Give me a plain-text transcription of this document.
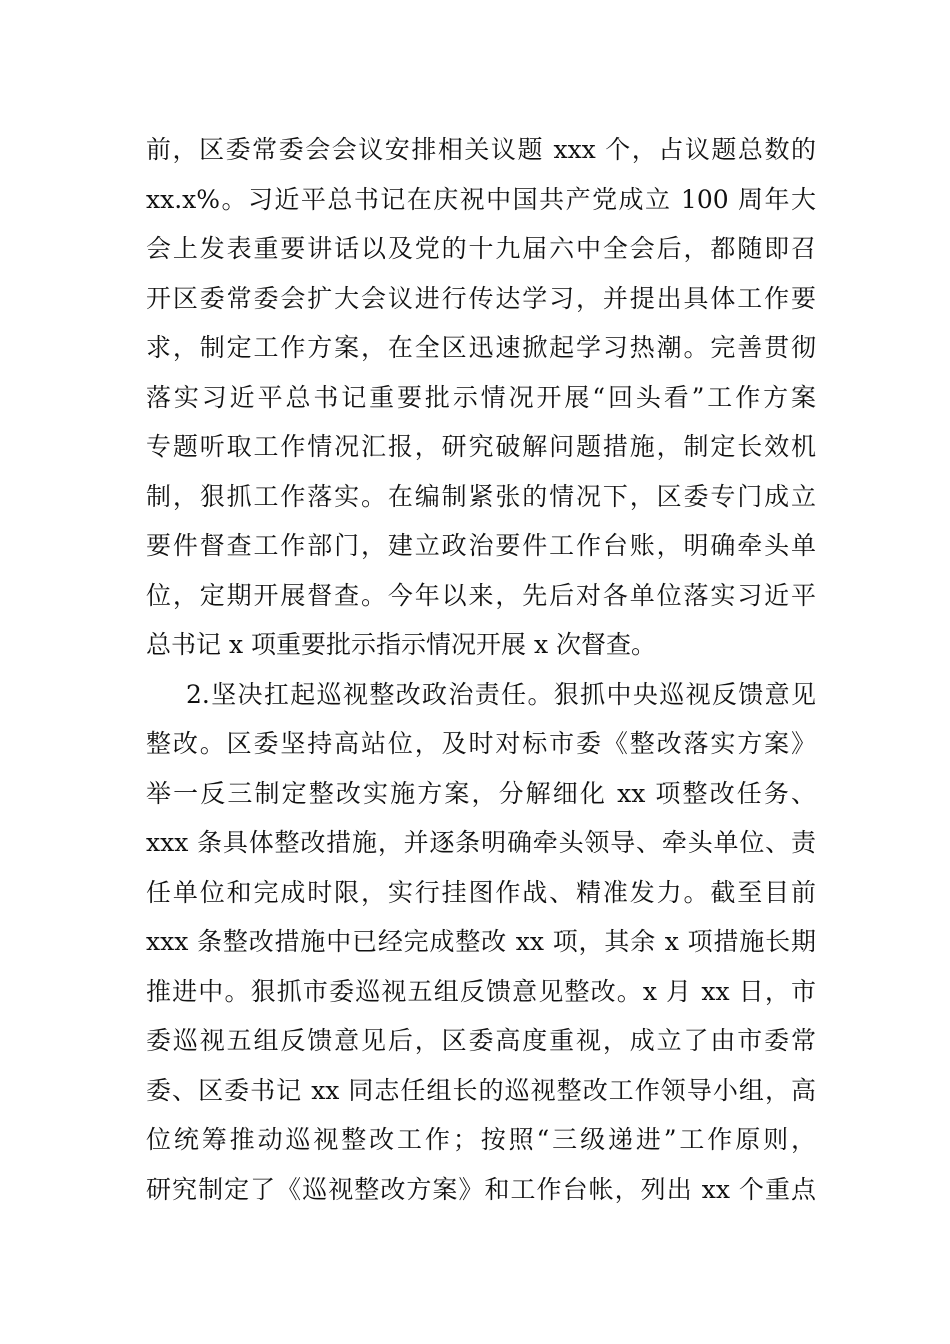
前，区委常委会会议安排相关议题 xxx 个，占议题总数的
xx.x%。习近平总书记在庆祝中国共产党成立 100 周年大
会上发表重要讲话以及党的十九届六中全会后，都随即召
开区委常委会扩大会议进行传达学习，并提出具体工作要
求，制定工作方案，在全区迅速掀起学习热潮。完善贯彻
落实习近平总书记重要批示情况开展“回头看”工作方案
专题听取工作情况汇报，研究破解问题措施，制定长效机
制，狠抓工作落实。在编制紧张的情况下，区委专门成立
要件督查工作部门，建立政治要件工作台账，明确牵头单
位，定期开展督查。今年以来，先后对各单位落实习近平
总书记 x 项重要批示指示情况开展 x 次督查。
2.坚决扛起巡视整改政治责任。狠抓中央巡视反馈意见
整改。区委坚持高站位，及时对标市委《整改落实方案》
举一反三制定整改实施方案，分解细化 xx 项整改任务、
xxx 条具体整改措施，并逐条明确牵头领导、牵头单位、责
任单位和完成时限，实行挂图作战、精准发力。截至目前
xxx 条整改措施中已经完成整改 xx 项，其余 x 项措施长期
推进中。狠抓市委巡视五组反馈意见整改。x 月 xx 日，市
委巡视五组反馈意见后，区委高度重视，成立了由市委常
委、区委书记 xx 同志任组长的巡视整改工作领导小组，高
位统筹推动巡视整改工作；按照“三级递进”工作原则，
研究制定了《巡视整改方案》和工作台帐，列出 xx 个重点
